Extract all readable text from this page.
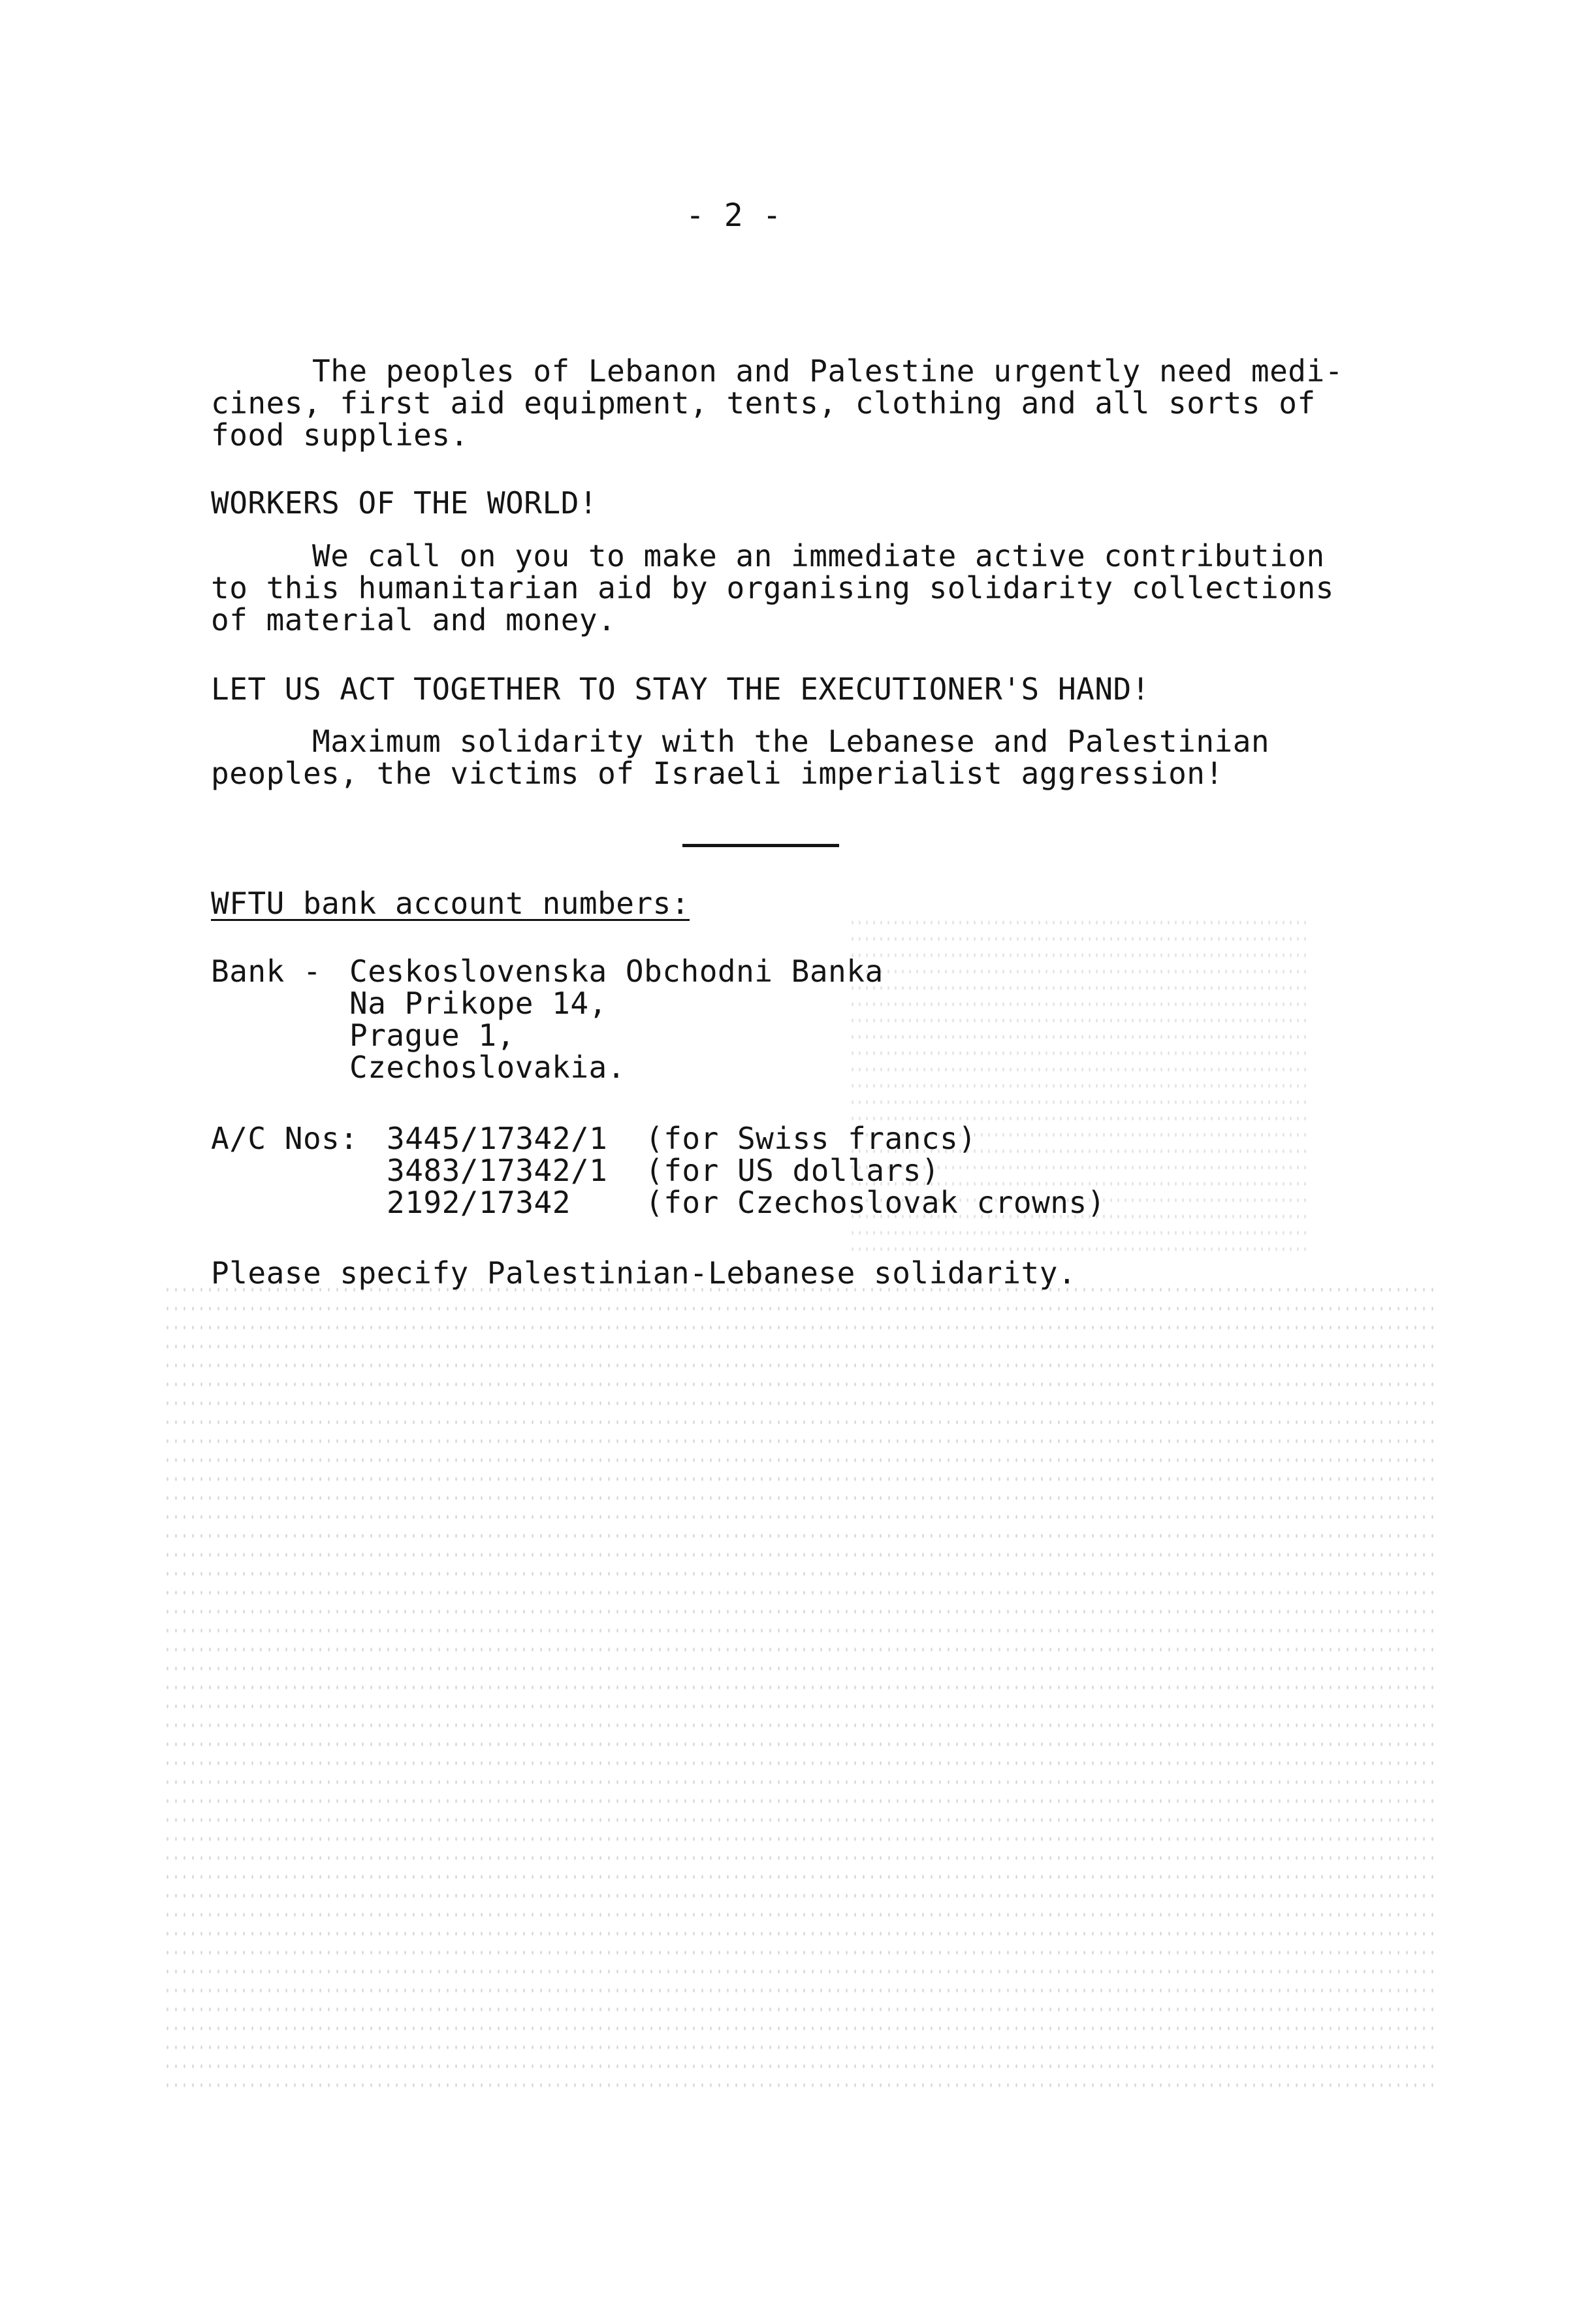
- 2 -
The peoples of Lebanon and Palestine urgently need medi-
cines, first aid equipment, tents, clothing and all sorts of
food supplies.
WORKERS OF THE WORLD!
We call on you to make an immediate active contribution
to this humanitarian aid by organising solidarity collections
of material and money.
LET US ACT TOGETHER TO STAY THE EXECUTIONER'S HAND!
Maximum solidarity with the Lebanese and Palestinian
peoples, the victims of Israeli imperialist aggression!
WFTU bank account numbers:
Bank - Ceskoslovenska Obchodni Banka
Na Prikope 14,
Prague 1,
Czechoslovakia.
A/C Nos: 3445/17342/1 (for Swiss francs)
3483/17342/1 (for US dollars)
2192/17342 (for Czechoslovak crowns)
Please specify Palestinian-Lebanese solidarity.
